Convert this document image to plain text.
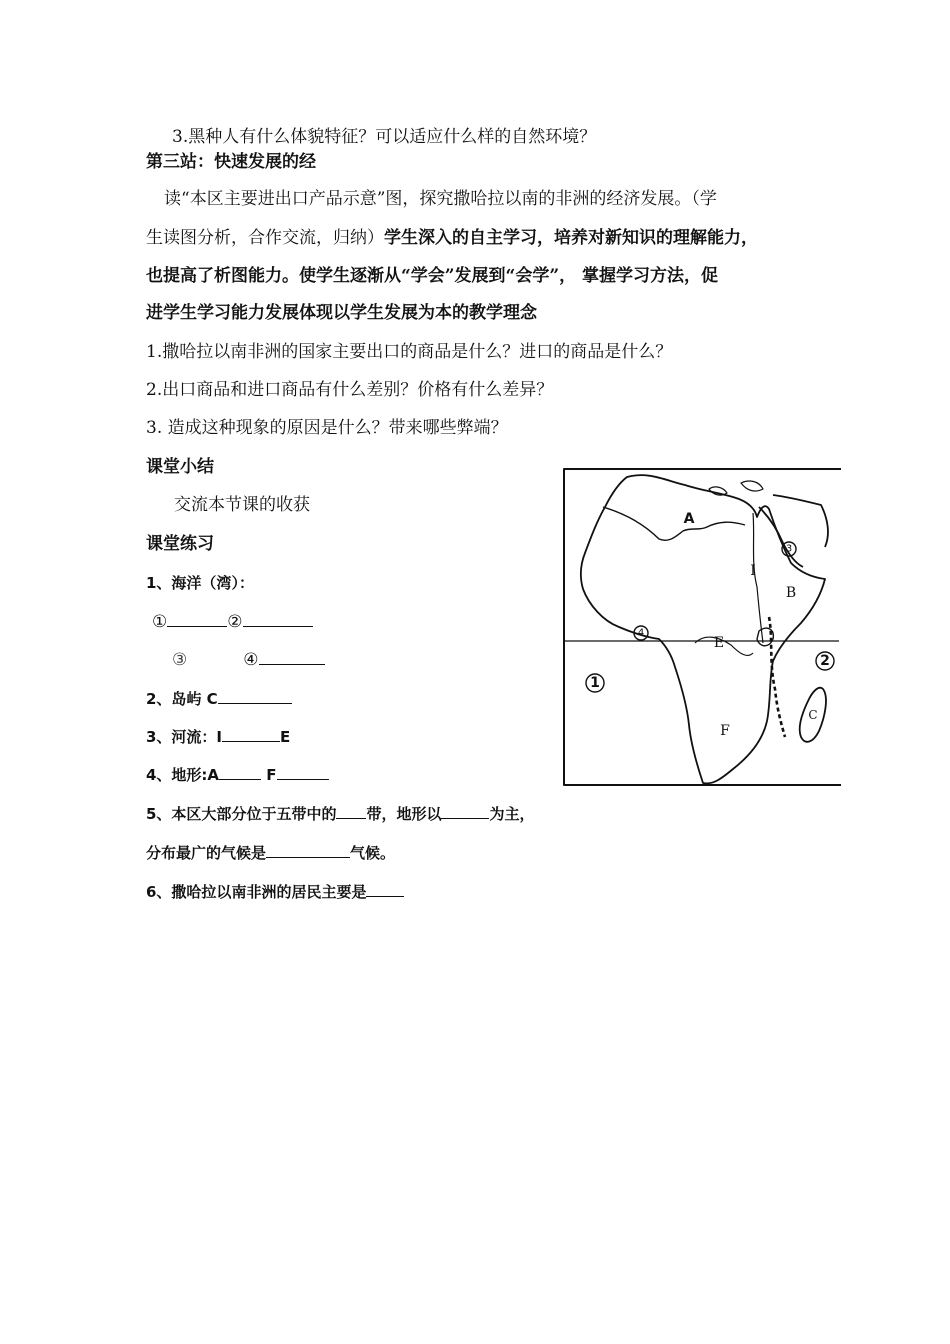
3.黑种人有什么体貌特征？可以适应什么样的自然环境？
第三站：快速发展的经
读“本区主要进出口产品示意”图，探究撒哈拉以南的非洲的经济发展。（学
生读图分析，合作交流，归纳）学生深入的自主学习，培养对新知识的理解能力，
也提高了析图能力。使学生逐渐从“学会”发展到“会学”， 掌握学习方法，促
进学生学习能力发展体现以学生发展为本的教学理念
1.撒哈拉以南非洲的国家主要出口的商品是什么？进口的商品是什么？
2.出口商品和进口商品有什么差别？价格有什么差异？
3. 造成这种现象的原因是什么？带来哪些弊端？
课堂小结
交流本节课的收获
课堂练习
1、海洋（湾）：
①	②
③	④
2、岛屿 C
3、河流：I	E
4、地形:A	F
5、本区大部分位于五带中的 带，地形以	为主，
分布最广的气候是	气候。
6、撒哈拉以南非洲的居民主要是
1
2
3
4
A
I
B
E
F
C
